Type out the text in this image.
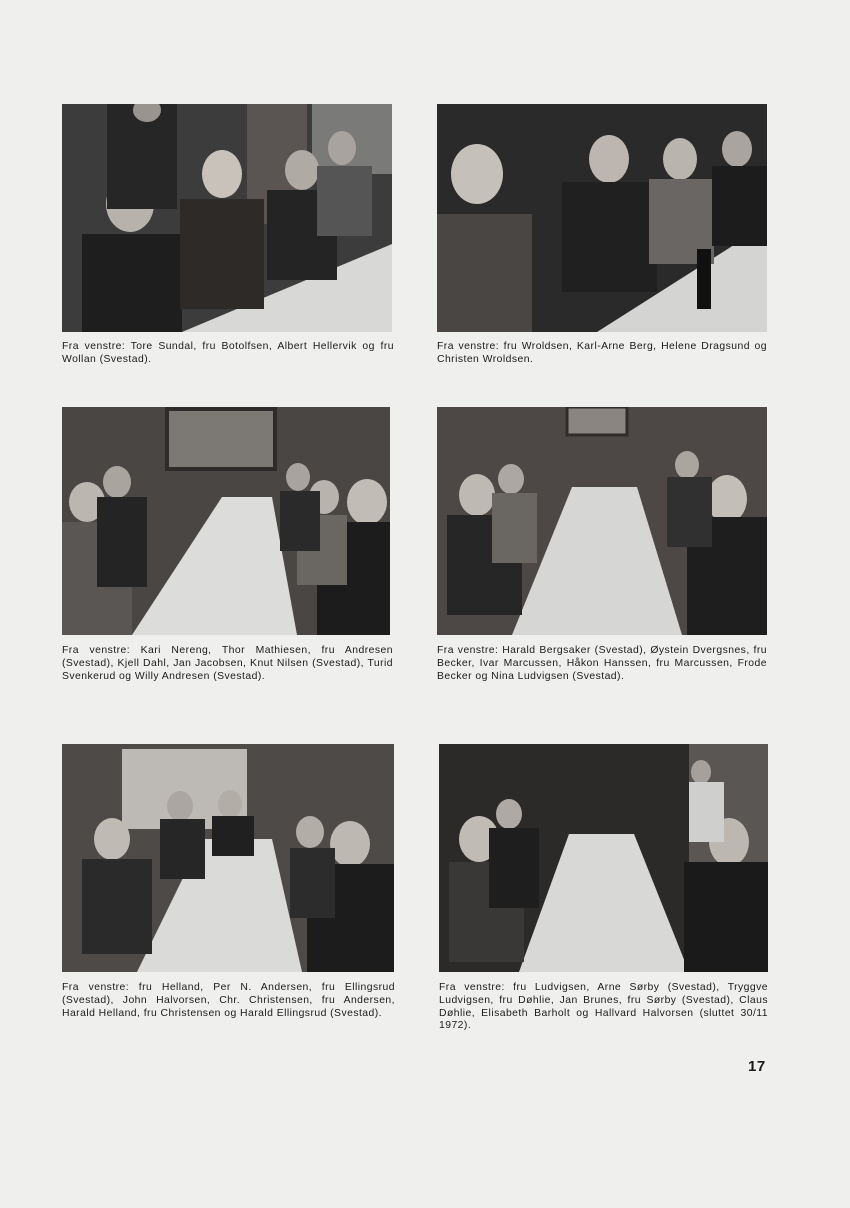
Fra venstre: Tore Sundal, fru Botolfsen, Albert Hellervik og fru Wollan (Svestad).

Fra venstre: fru Wroldsen, Karl-Arne Berg, Helene Dragsund og Christen Wroldsen.

Fra venstre: Kari Nereng, Thor Mathiesen, fru Andresen (Svestad), Kjell Dahl, Jan Jacobsen, Knut Nilsen (Svestad), Turid Svenkerud og Willy Andresen (Svestad).

Fra venstre: Harald Bergsaker (Svestad), Øystein Dvergsnes, fru Becker, Ivar Marcussen, Håkon Hanssen, fru Marcussen, Frode Becker og Nina Ludvigsen (Svestad).

Fra venstre: fru Helland, Per N. Andersen, fru Ellingsrud (Svestad), John Halvorsen, Chr. Christensen, fru Andersen, Harald Helland, fru Christensen og Harald Ellingsrud (Svestad).

Fra venstre: fru Ludvigsen, Arne Sørby (Svestad), Tryggve Ludvigsen, fru Døhlie, Jan Brunes, fru Sørby (Svestad), Claus Døhlie, Elisabeth Barholt og Hallvard Halvorsen (sluttet 30/11 1972).

17
